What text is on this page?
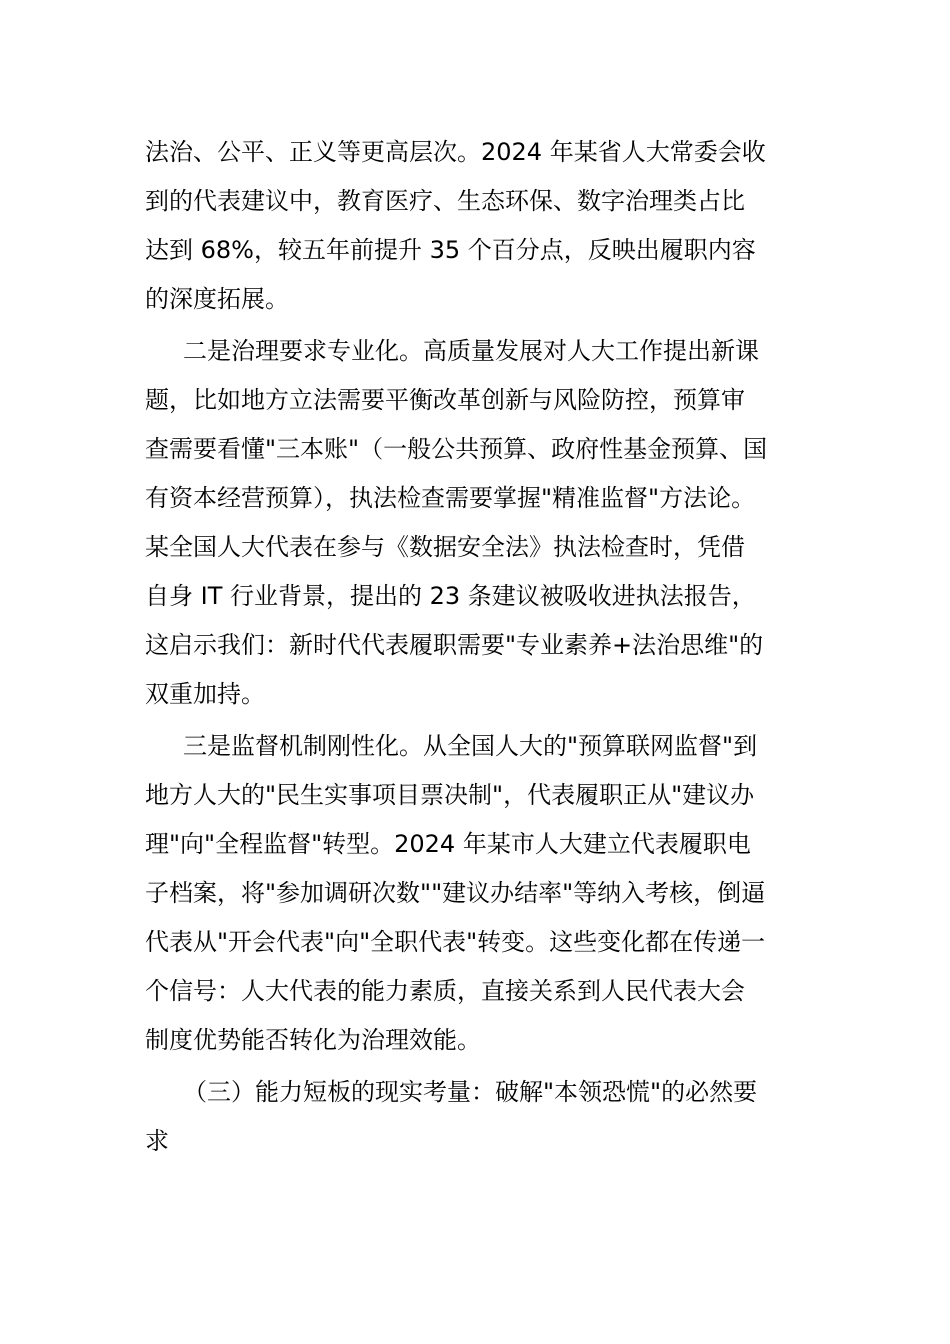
法治、公平、正义等更高层次。2024 年某省人大常委会收
到的代表建议中，教育医疗、生态环保、数字治理类占比
达到 68%，较五年前提升 35 个百分点，反映出履职内容
的深度拓展。
二是治理要求专业化。高质量发展对人大工作提出新课
题，比如地方立法需要平衡改革创新与风险防控，预算审
查需要看懂"三本账"（一般公共预算、政府性基金预算、国
有资本经营预算），执法检查需要掌握"精准监督"方法论。
某全国人大代表在参与《数据安全法》执法检查时，凭借
自身 IT 行业背景，提出的 23 条建议被吸收进执法报告，
这启示我们：新时代代表履职需要"专业素养+法治思维"的
双重加持。
三是监督机制刚性化。从全国人大的"预算联网监督"到
地方人大的"民生实事项目票决制"，代表履职正从"建议办
理"向"全程监督"转型。2024 年某市人大建立代表履职电
子档案，将"参加调研次数""建议办结率"等纳入考核，倒逼
代表从"开会代表"向"全职代表"转变。这些变化都在传递一
个信号：人大代表的能力素质，直接关系到人民代表大会
制度优势能否转化为治理效能。
（三）能力短板的现实考量：破解"本领恐慌"的必然要
求
